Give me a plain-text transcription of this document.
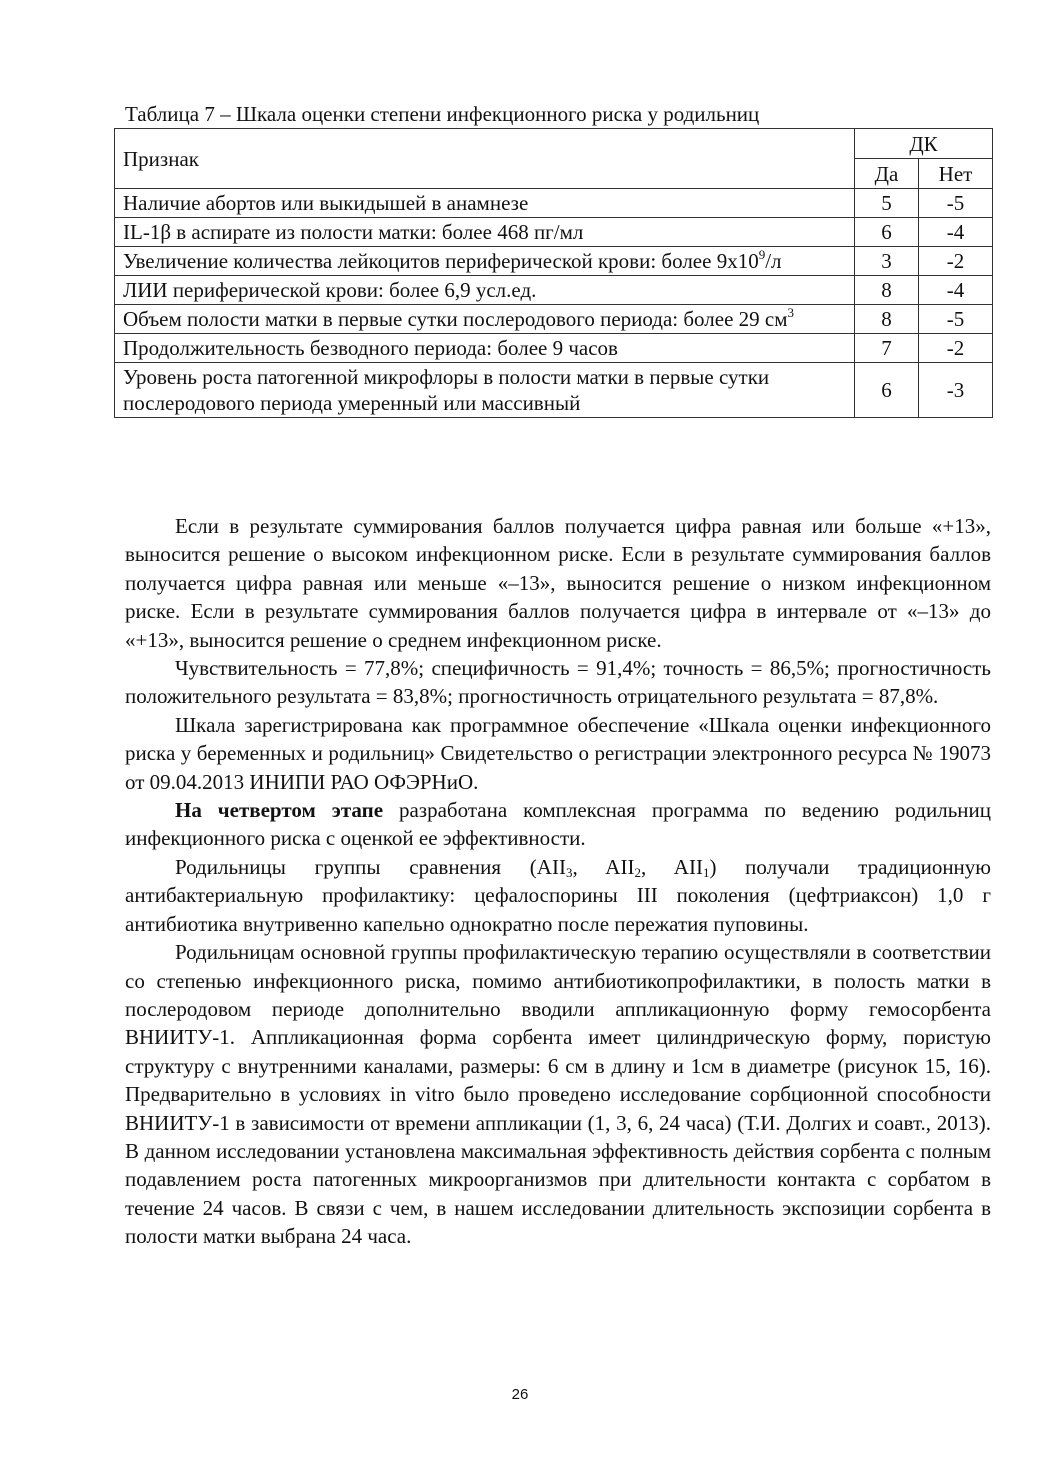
Таблица 7 – Шкала оценки степени инфекционного риска у родильниц
Признак	ДК	
	Да	Нет
Наличие абортов или выкидышей в анамнезе	5	-5
IL-1β в аспирате из полости матки: более 468 пг/мл	6	-4
Увеличение количества лейкоцитов периферической крови: более $9х10^9/л$	3	-2
ЛИИ периферической крови: более 6,9 усл.ед.	8	-4
Объем полости матки в первые сутки послеродового периода: более 29 $см^3$	8	-5
Продолжительность безводного периода: более 9 часов	7	-2
Уровень роста патогенной микрофлоры в полости матки в первые сутки послеродового периода умеренный или массивный	6	-3

Если в результате суммирования баллов получается цифра равная или больше «+13», выносится решение о высоком инфекционном риске. Если в результате суммирования баллов получается цифра равная или меньше «–13», выносится решение о низком инфекционном риске. Если в результате суммирования баллов получается цифра в интервале от «–13» до «+13», выносится решение о среднем инфекционном риске.

Чувствительность = 77,8%; специфичность = 91,4%; точность = 86,5%; прогностичность положительного результата = 83,8%; прогностичность отрицательного результата = 87,8%.

Шкала зарегистрирована как программное обеспечение «Шкала оценки инфекционного риска у беременных и родильниц» Свидетельство о регистрации электронного ресурса № 19073 от 09.04.2013 ИНИПИ РАО ОФЭРНиО.

На четвертом этапе разработана комплексная программа по ведению родильниц инфекционного риска с оценкой ее эффективности.

Родильницы группы сравнения ($AII_3$, $AII_2$, $AII_1$) получали традиционную антибактериальную профилактику: цефалоспорины III поколения (цефтриаксон) 1,0 г антибиотика внутривенно капельно однократно после пережатия пуповины.

Родильницам основной группы профилактическую терапию осуществляли в соответствии со степенью инфекционного риска, помимо антибиотикопрофилактики, в полость матки в послеродовом периоде дополнительно вводили аппликационную форму гемосорбента ВНИИТУ-1. Аппликационная форма сорбента имеет цилиндрическую форму, пористую структуру с внутренними каналами, размеры: 6 см в длину и 1см в диаметре (рисунок 15, 16). Предварительно в условиях in vitro было проведено исследование сорбционной способности ВНИИТУ-1 в зависимости от времени аппликации (1, 3, 6, 24 часа) (Т.И. Долгих и соавт., 2013). В данном исследовании установлена максимальная эффективность действия сорбента с полным подавлением роста патогенных микроорганизмов при длительности контакта с сорбатом в течение 24 часов. В связи с чем, в нашем исследовании длительность экспозиции сорбента в полости матки выбрана 24 часа.

26
